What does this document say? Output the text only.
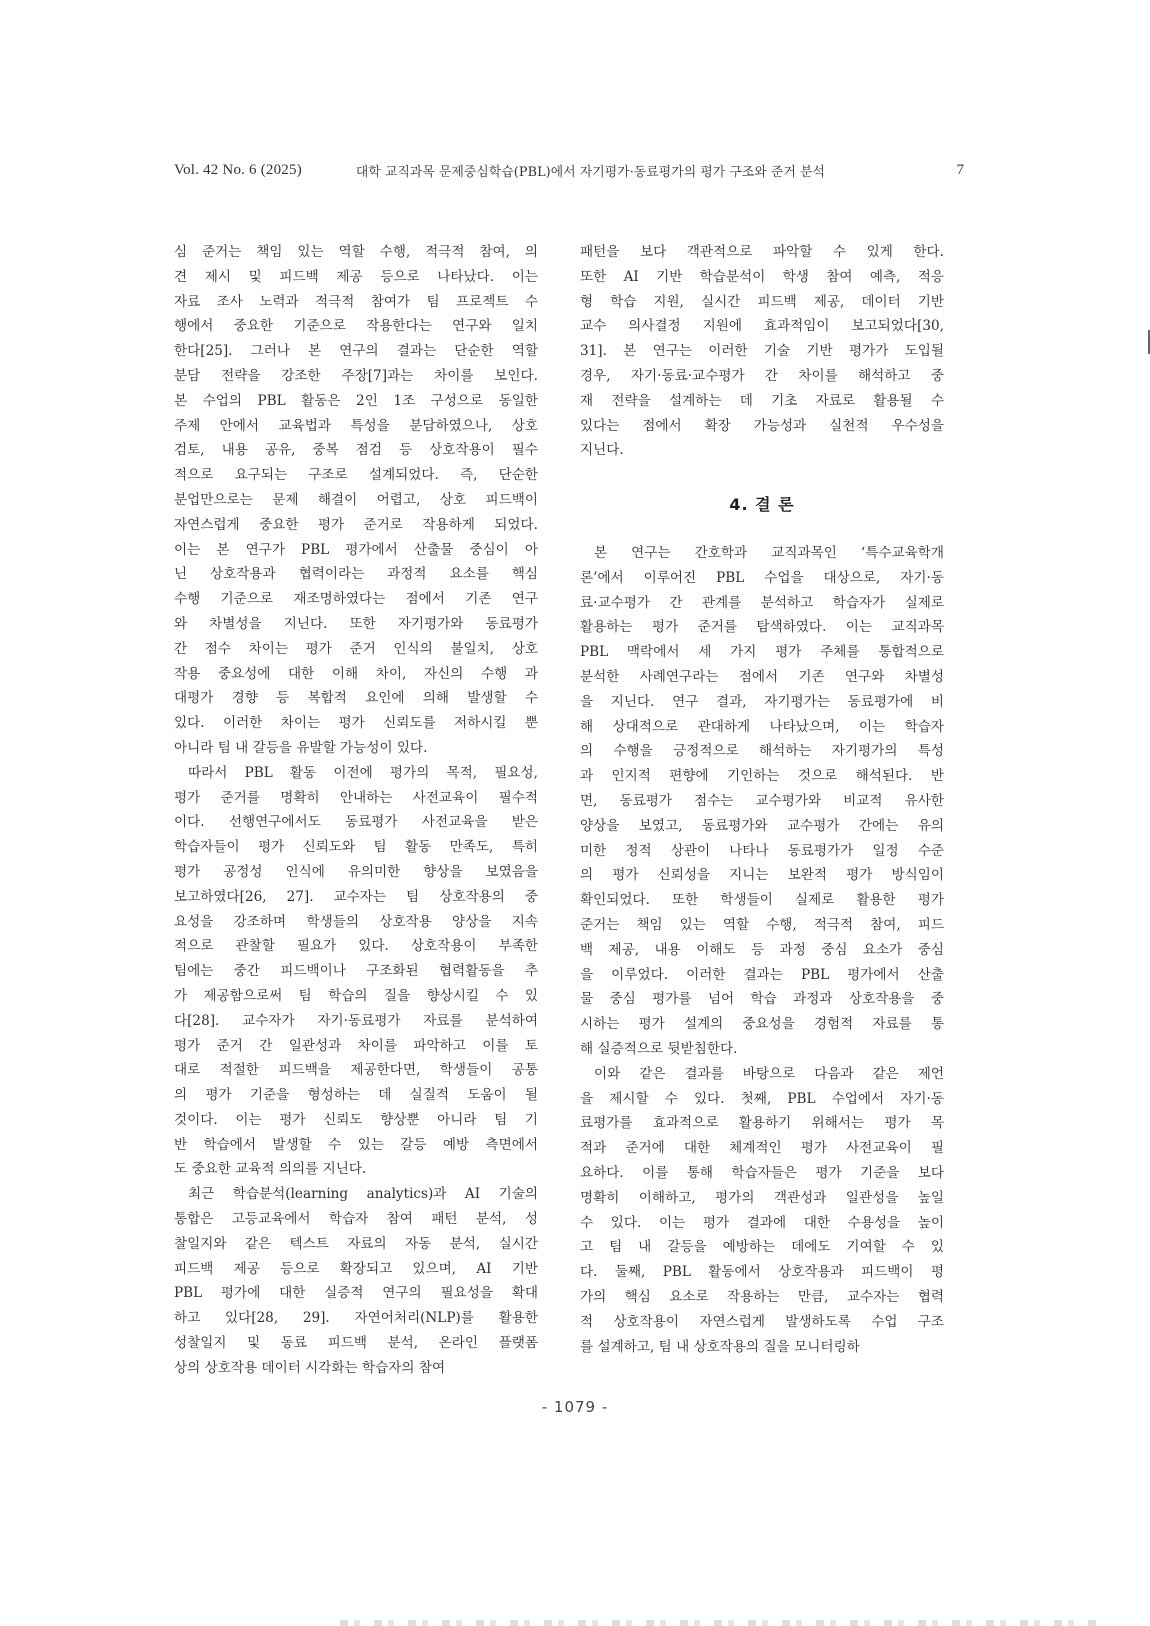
Vol. 42 No. 6 (2025)	대학 교직과목 문제중심학습(PBL)에서 자기평가·동료평가의 평가 구조와 준거 분석	7
심 준거는 책임 있는 역할 수행, 적극적 참여, 의
견 제시 및 피드백 제공 등으로 나타났다. 이는
자료 조사 노력과 적극적 참여가 팀 프로젝트 수
행에서 중요한 기준으로 작용한다는 연구와 일치
한다[25]. 그러나 본 연구의 결과는 단순한 역할
분담 전략을 강조한 주장[7]과는 차이를 보인다.
본 수업의 PBL 활동은 2인 1조 구성으로 동일한
주제 안에서 교육법과 특성을 분담하였으나, 상호
검토, 내용 공유, 중복 점검 등 상호작용이 필수
적으로 요구되는 구조로 설계되었다. 즉, 단순한
분업만으로는 문제 해결이 어렵고, 상호 피드백이
자연스럽게 중요한 평가 준거로 작용하게 되었다.
이는 본 연구가 PBL 평가에서 산출물 중심이 아
닌 상호작용과 협력이라는 과정적 요소를 핵심
수행 기준으로 재조명하였다는 점에서 기존 연구
와 차별성을 지닌다. 또한 자기평가와 동료평가
간 점수 차이는 평가 준거 인식의 불일치, 상호
작용 중요성에 대한 이해 차이, 자신의 수행 과
대평가 경향 등 복합적 요인에 의해 발생할 수
있다. 이러한 차이는 평가 신뢰도를 저하시킬 뿐
아니라 팀 내 갈등을 유발할 가능성이 있다.
따라서 PBL 활동 이전에 평가의 목적, 필요성,
평가 준거를 명확히 안내하는 사전교육이 필수적
이다. 선행연구에서도 동료평가 사전교육을 받은
학습자들이 평가 신뢰도와 팀 활동 만족도, 특히
평가 공정성 인식에 유의미한 향상을 보였음을
보고하였다[26, 27]. 교수자는 팀 상호작용의 중
요성을 강조하며 학생들의 상호작용 양상을 지속
적으로 관찰할 필요가 있다. 상호작용이 부족한
팀에는 중간 피드백이나 구조화된 협력활동을 추
가 제공함으로써 팀 학습의 질을 향상시킬 수 있
다[28]. 교수자가 자기·동료평가 자료를 분석하여
평가 준거 간 일관성과 차이를 파악하고 이를 토
대로 적절한 피드백을 제공한다면, 학생들이 공통
의 평가 기준을 형성하는 데 실질적 도움이 될
것이다. 이는 평가 신뢰도 향상뿐 아니라 팀 기
반 학습에서 발생할 수 있는 갈등 예방 측면에서
도 중요한 교육적 의의를 지닌다.
최근 학습분석(learning analytics)과 AI 기술의
통합은 고등교육에서 학습자 참여 패턴 분석, 성
찰일지와 같은 텍스트 자료의 자동 분석, 실시간
피드백 제공 등으로 확장되고 있으며, AI 기반
PBL 평가에 대한 실증적 연구의 필요성을 확대
하고 있다[28, 29]. 자연어처리(NLP)를 활용한
성찰일지 및 동료 피드백 분석, 온라인 플랫폼
상의 상호작용 데이터 시각화는 학습자의 참여
패턴을 보다 객관적으로 파악할 수 있게 한다.
또한 AI 기반 학습분석이 학생 참여 예측, 적응
형 학습 지원, 실시간 피드백 제공, 데이터 기반
교수 의사결정 지원에 효과적임이 보고되었다[30,
31]. 본 연구는 이러한 기술 기반 평가가 도입될
경우, 자기·동료·교수평가 간 차이를 해석하고 중
재 전략을 설계하는 데 기초 자료로 활용될 수
있다는 점에서 확장 가능성과 실천적 우수성을
지닌다.
4. 결 론
본 연구는 간호학과 교직과목인 ‘특수교육학개
론’에서 이루어진 PBL 수업을 대상으로, 자기·동
료·교수평가 간 관계를 분석하고 학습자가 실제로
활용하는 평가 준거를 탐색하였다. 이는 교직과목
PBL 맥락에서 세 가지 평가 주체를 통합적으로
분석한 사례연구라는 점에서 기존 연구와 차별성
을 지닌다. 연구 결과, 자기평가는 동료평가에 비
해 상대적으로 관대하게 나타났으며, 이는 학습자
의 수행을 긍정적으로 해석하는 자기평가의 특성
과 인지적 편향에 기인하는 것으로 해석된다. 반
면, 동료평가 점수는 교수평가와 비교적 유사한
양상을 보였고, 동료평가와 교수평가 간에는 유의
미한 정적 상관이 나타나 동료평가가 일정 수준
의 평가 신뢰성을 지니는 보완적 평가 방식임이
확인되었다. 또한 학생들이 실제로 활용한 평가
준거는 책임 있는 역할 수행, 적극적 참여, 피드
백 제공, 내용 이해도 등 과정 중심 요소가 중심
을 이루었다. 이러한 결과는 PBL 평가에서 산출
물 중심 평가를 넘어 학습 과정과 상호작용을 중
시하는 평가 설계의 중요성을 경험적 자료를 통
해 실증적으로 뒷받침한다.
이와 같은 결과를 바탕으로 다음과 같은 제언
을 제시할 수 있다. 첫째, PBL 수업에서 자기·동
료평가를 효과적으로 활용하기 위해서는 평가 목
적과 준거에 대한 체계적인 평가 사전교육이 필
요하다. 이를 통해 학습자들은 평가 기준을 보다
명확히 이해하고, 평가의 객관성과 일관성을 높일
수 있다. 이는 평가 결과에 대한 수용성을 높이
고 팀 내 갈등을 예방하는 데에도 기여할 수 있
다. 둘째, PBL 활동에서 상호작용과 피드백이 평
가의 핵심 요소로 작용하는 만큼, 교수자는 협력
적 상호작용이 자연스럽게 발생하도록 수업 구조
를 설계하고, 팀 내 상호작용의 질을 모니터링하
- 1079 -
